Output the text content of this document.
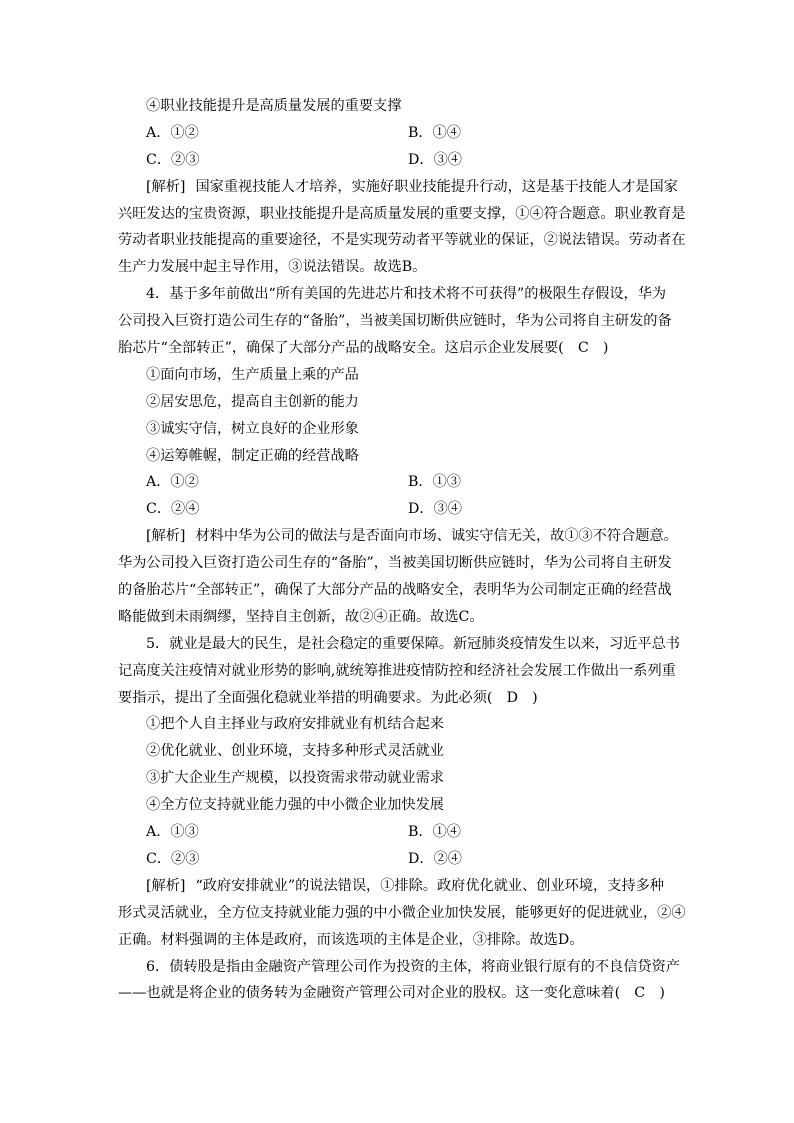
④职业技能提升是高质量发展的重要支撑
A．①②	B．①④
C．②③	D．③④
[解析] 国家重视技能人才培养，实施好职业技能提升行动，这是基于技能人才是国家
兴旺发达的宝贵资源，职业技能提升是高质量发展的重要支撑，①④符合题意。职业教育是
劳动者职业技能提高的重要途径，不是实现劳动者平等就业的保证，②说法错误。劳动者在
生产力发展中起主导作用，③说法错误。故选B。
4．基于多年前做出“所有美国的先进芯片和技术将不可获得”的极限生存假设，华为
公司投入巨资打造公司生存的“备胎”，当被美国切断供应链时，华为公司将自主研发的备
胎芯片“全部转正”，确保了大部分产品的战略安全。这启示企业发展要(　C　)
①面向市场，生产质量上乘的产品
②居安思危，提高自主创新的能力
③诚实守信，树立良好的企业形象
④运筹帷幄，制定正确的经营战略
A．①②	B．①③
C．②④	D．③④
[解析] 材料中华为公司的做法与是否面向市场、诚实守信无关，故①③不符合题意。
华为公司投入巨资打造公司生存的“备胎”，当被美国切断供应链时，华为公司将自主研发
的备胎芯片“全部转正”，确保了大部分产品的战略安全，表明华为公司制定正确的经营战
略能做到未雨绸缪，坚持自主创新，故②④正确。故选C。
5．就业是最大的民生，是社会稳定的重要保障。新冠肺炎疫情发生以来，习近平总书
记高度关注疫情对就业形势的影响,就统筹推进疫情防控和经济社会发展工作做出一系列重
要指示，提出了全面强化稳就业举措的明确要求。为此必须(　D　)
①把个人自主择业与政府安排就业有机结合起来
②优化就业、创业环境，支持多种形式灵活就业
③扩大企业生产规模，以投资需求带动就业需求
④全方位支持就业能力强的中小微企业加快发展
A．①③	B．①④
C．②③	D．②④
[解析] “政府安排就业”的说法错误，①排除。政府优化就业、创业环境，支持多种
形式灵活就业，全方位支持就业能力强的中小微企业加快发展，能够更好的促进就业，②④
正确。材料强调的主体是政府，而该选项的主体是企业，③排除。故选D。
6．债转股是指由金融资产管理公司作为投资的主体，将商业银行原有的不良信贷资产
——也就是将企业的债务转为金融资产管理公司对企业的股权。这一变化意味着(　C　)
